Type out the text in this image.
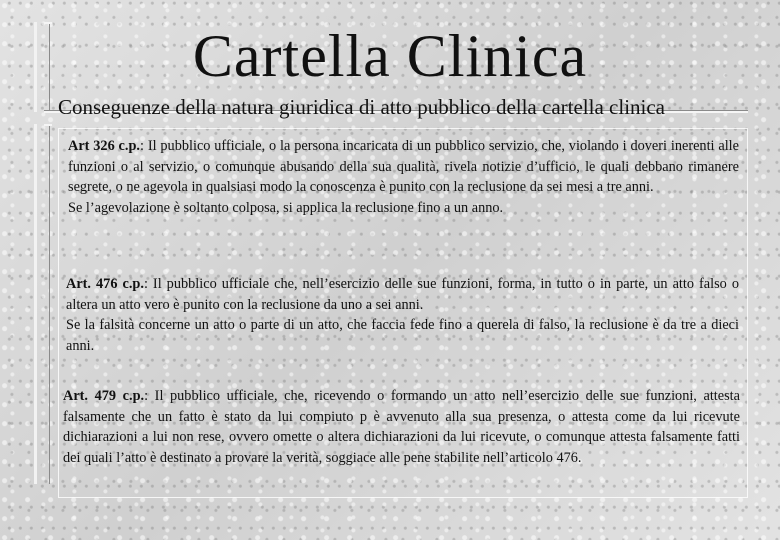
Cartella Clinica
Conseguenze della natura giuridica di atto pubblico della cartella clinica
Art 326 c.p.: Il pubblico ufficiale, o la persona incaricata di un pubblico servizio, che, violando i doveri inerenti alle funzioni o al servizio, o comunque abusando della sua qualità, rivela notizie d’ufficio, le quali debbano rimanere segrete, o ne agevola in qualsiasi modo la conoscenza è punito con la reclusione da sei mesi a tre anni.
Se l’agevolazione è soltanto colposa, si applica la reclusione fino a un anno.
Art. 476 c.p.: Il pubblico ufficiale che, nell’esercizio delle sue funzioni, forma, in tutto o in parte, un atto falso o altera un atto vero è punito con la reclusione da uno a sei anni.
Se la falsità concerne un atto o parte di un atto, che faccia fede fino a querela di falso, la reclusione è da tre a dieci anni.
Art. 479 c.p.: Il pubblico ufficiale, che, ricevendo o formando un atto nell’esercizio delle sue funzioni, attesta falsamente che un fatto è stato da lui compiuto p è avvenuto alla sua presenza, o attesta come da lui ricevute dichiarazioni a lui non rese, ovvero omette o altera dichiarazioni da lui ricevute, o comunque attesta falsamente fatti dei quali l’atto è destinato a provare la verità, soggiace alle pene stabilite nell’articolo 476.
